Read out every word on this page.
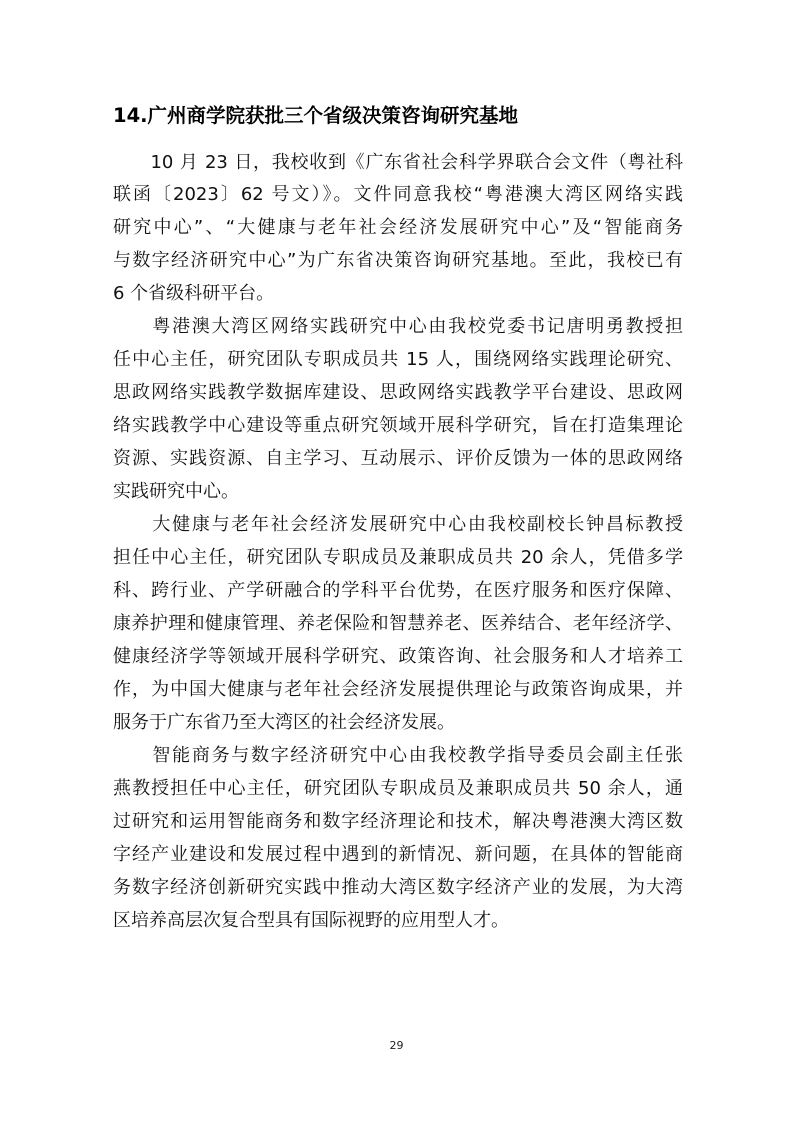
14.广州商学院获批三个省级决策咨询研究基地
　　10 月 23 日，我校收到《广东省社会科学界联合会文件（粤社科
联函〔2023〕62 号文）》。文件同意我校“粤港澳大湾区网络实践
研究中心”、“大健康与老年社会经济发展研究中心”及“智能商务
与数字经济研究中心”为广东省决策咨询研究基地。至此，我校已有
6 个省级科研平台。
　　粤港澳大湾区网络实践研究中心由我校党委书记唐明勇教授担
任中心主任，研究团队专职成员共 15 人，围绕网络实践理论研究、
思政网络实践教学数据库建设、思政网络实践教学平台建设、思政网
络实践教学中心建设等重点研究领域开展科学研究，旨在打造集理论
资源、实践资源、自主学习、互动展示、评价反馈为一体的思政网络
实践研究中心。
　　大健康与老年社会经济发展研究中心由我校副校长钟昌标教授
担任中心主任，研究团队专职成员及兼职成员共 20 余人，凭借多学
科、跨行业、产学研融合的学科平台优势，在医疗服务和医疗保障、
康养护理和健康管理、养老保险和智慧养老、医养结合、老年经济学、
健康经济学等领域开展科学研究、政策咨询、社会服务和人才培养工
作，为中国大健康与老年社会经济发展提供理论与政策咨询成果，并
服务于广东省乃至大湾区的社会经济发展。
　　智能商务与数字经济研究中心由我校教学指导委员会副主任张
燕教授担任中心主任，研究团队专职成员及兼职成员共 50 余人，通
过研究和运用智能商务和数字经济理论和技术，解决粤港澳大湾区数
字经产业建设和发展过程中遇到的新情况、新问题，在具体的智能商
务数字经济创新研究实践中推动大湾区数字经济产业的发展，为大湾
区培养高层次复合型具有国际视野的应用型人才。
29
